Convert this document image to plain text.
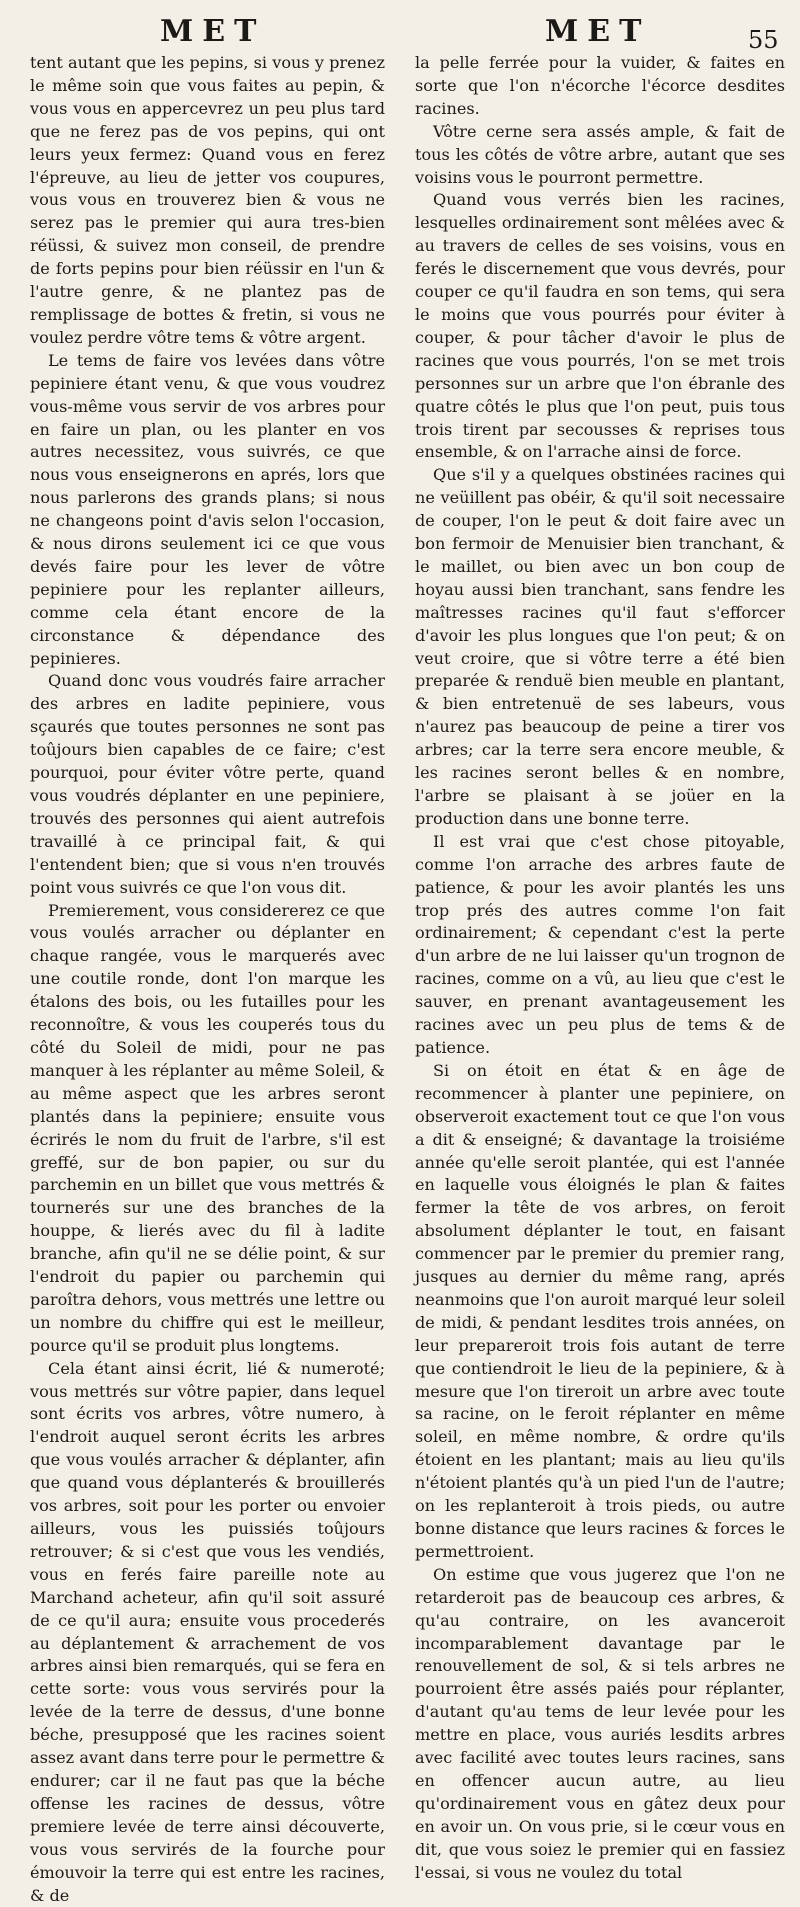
MET	MET	55

tent autant que les pepins, si vous y prenez le même soin que vous faites au pepin, & vous vous en appercevrez un peu plus tard que ne ferez pas de vos pepins, qui ont leurs yeux fermez: Quand vous en ferez l'épreuve, au lieu de jetter vos coupures, vous vous en trouverez bien & vous ne serez pas le premier qui aura tres-bien réüssi, & suivez mon conseil, de prendre de forts pepins pour bien réüssir en l'un & l'autre genre, & ne plantez pas de remplissage de bottes & fretin, si vous ne voulez perdre vôtre tems & vôtre argent.

Le tems de faire vos levées dans vôtre pepiniere étant venu, & que vous voudrez vous-même vous servir de vos arbres pour en faire un plan, ou les planter en vos autres necessitez, vous suivrés, ce que nous vous enseignerons en aprés, lors que nous parlerons des grands plans; si nous ne changeons point d'avis selon l'occasion, & nous dirons seulement ici ce que vous devés faire pour les lever de vôtre pepiniere pour les replanter ailleurs, comme cela étant encore de la circonstance & dépendance des pepinieres.

Quand donc vous voudrés faire arracher des arbres en ladite pepiniere, vous sçaurés que toutes personnes ne sont pas toûjours bien capables de ce faire; c'est pourquoi, pour éviter vôtre perte, quand vous voudrés déplanter en une pepiniere, trouvés des personnes qui aient autrefois travaillé à ce principal fait, & qui l'entendent bien; que si vous n'en trouvés point vous suivrés ce que l'on vous dit.

Premierement, vous considererez ce que vous voulés arracher ou déplanter en chaque rangée, vous le marquerés avec une coutile ronde, dont l'on marque les étalons des bois, ou les futailles pour les reconnoître, & vous les couperés tous du côté du Soleil de midi, pour ne pas manquer à les réplanter au même Soleil, & au même aspect que les arbres seront plantés dans la pepiniere; ensuite vous écrirés le nom du fruit de l'arbre, s'il est greffé, sur de bon papier, ou sur du parchemin en un billet que vous mettrés & tournerés sur une des branches de la houppe, & lierés avec du fil à ladite branche, afin qu'il ne se délie point, & sur l'endroit du papier ou parchemin qui paroîtra dehors, vous mettrés une lettre ou un nombre du chiffre qui est le meilleur, pource qu'il se produit plus longtems.

Cela étant ainsi écrit, lié & numeroté; vous mettrés sur vôtre papier, dans lequel sont écrits vos arbres, vôtre numero, à l'endroit auquel seront écrits les arbres que vous voulés arracher & déplanter, afin que quand vous déplanterés & brouillerés vos arbres, soit pour les porter ou envoier ailleurs, vous les puissiés toûjours retrouver; & si c'est que vous les vendiés, vous en ferés faire pareille note au Marchand acheteur, afin qu'il soit assuré de ce qu'il aura; ensuite vous procederés au déplantement & arrachement de vos arbres ainsi bien remarqués, qui se fera en cette sorte: vous vous servirés pour la levée de la terre de dessus, d'une bonne béche, presupposé que les racines soient assez avant dans terre pour le permettre & endurer; car il ne faut pas que la béche offense les racines de dessus, vôtre premiere levée de terre ainsi découverte, vous vous servirés de la fourche pour émouvoir la terre qui est entre les racines, & de

la pelle ferrée pour la vuider, & faites en sorte que l'on n'écorche l'écorce desdites racines.

Vôtre cerne sera assés ample, & fait de tous les côtés de vôtre arbre, autant que ses voisins vous le pourront permettre.

Quand vous verrés bien les racines, lesquelles ordinairement sont mêlées avec & au travers de celles de ses voisins, vous en ferés le discernement que vous devrés, pour couper ce qu'il faudra en son tems, qui sera le moins que vous pourrés pour éviter à couper, & pour tâcher d'avoir le plus de racines que vous pourrés, l'on se met trois personnes sur un arbre que l'on ébranle des quatre côtés le plus que l'on peut, puis tous trois tirent par secousses & reprises tous ensemble, & on l'arrache ainsi de force.

Que s'il y a quelques obstinées racines qui ne veüillent pas obéir, & qu'il soit necessaire de couper, l'on le peut & doit faire avec un bon fermoir de Menuisier bien tranchant, & le maillet, ou bien avec un bon coup de hoyau aussi bien tranchant, sans fendre les maîtresses racines qu'il faut s'efforcer d'avoir les plus longues que l'on peut; & on veut croire, que si vôtre terre a été bien preparée & renduë bien meuble en plantant, & bien entretenuë de ses labeurs, vous n'aurez pas beaucoup de peine a tirer vos arbres; car la terre sera encore meuble, & les racines seront belles & en nombre, l'arbre se plaisant à se joüer en la production dans une bonne terre.

Il est vrai que c'est chose pitoyable, comme l'on arrache des arbres faute de patience, & pour les avoir plantés les uns trop prés des autres comme l'on fait ordinairement; & cependant c'est la perte d'un arbre de ne lui laisser qu'un trognon de racines, comme on a vû, au lieu que c'est le sauver, en prenant avantageusement les racines avec un peu plus de tems & de patience.

Si on étoit en état & en âge de recommencer à planter une pepiniere, on observeroit exactement tout ce que l'on vous a dit & enseigné; & davantage la troisiéme année qu'elle seroit plantée, qui est l'année en laquelle vous éloignés le plan & faites fermer la tête de vos arbres, on feroit absolument déplanter le tout, en faisant commencer par le premier du premier rang, jusques au dernier du même rang, aprés neanmoins que l'on auroit marqué leur soleil de midi, & pendant lesdites trois années, on leur prepareroit trois fois autant de terre que contiendroit le lieu de la pepiniere, & à mesure que l'on tireroit un arbre avec toute sa racine, on le feroit réplanter en même soleil, en même nombre, & ordre qu'ils étoient en les plantant; mais au lieu qu'ils n'étoient plantés qu'à un pied l'un de l'autre; on les replanteroit à trois pieds, ou autre bonne distance que leurs racines & forces le permettroient.

On estime que vous jugerez que l'on ne retarderoit pas de beaucoup ces arbres, & qu'au contraire, on les avanceroit incomparablement davantage par le renouvellement de sol, & si tels arbres ne pourroient être assés paiés pour réplanter, d'autant qu'au tems de leur levée pour les mettre en place, vous auriés lesdits arbres avec facilité avec toutes leurs racines, sans en offencer aucun autre, au lieu qu'ordinairement vous en gâtez deux pour en avoir un. On vous prie, si le cœur vous en dit, que vous soiez le premier qui en fassiez l'essai, si vous ne voulez du total
